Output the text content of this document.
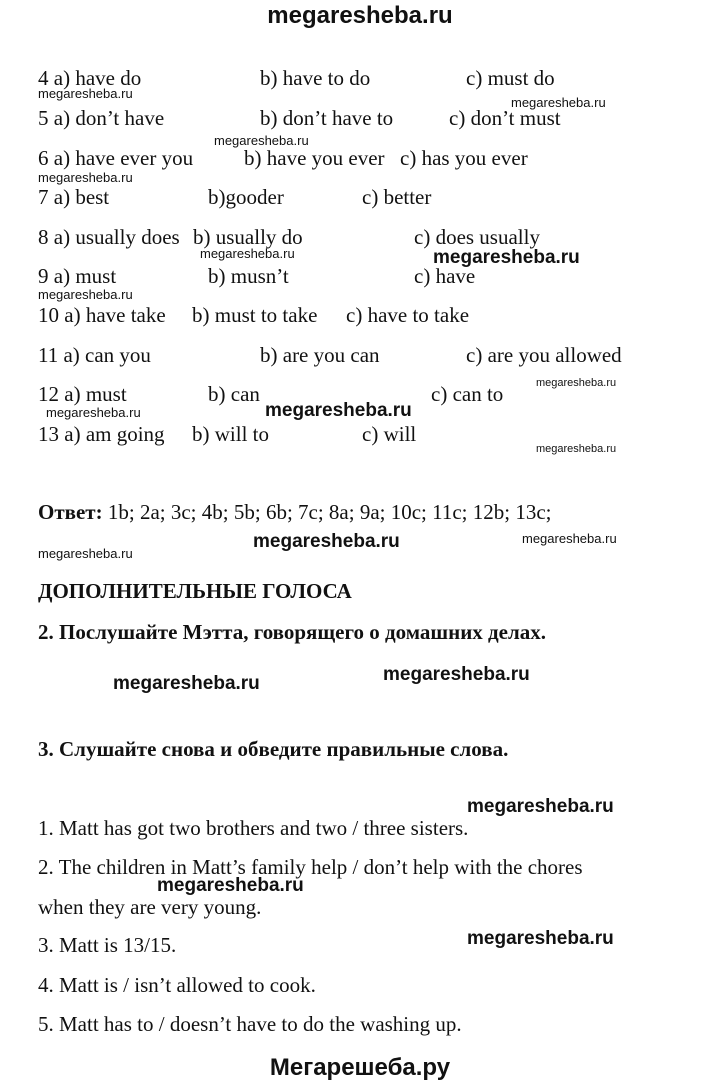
megaresheba.ru
4 a) have do	b) have to do	c) must do
5 a) don’t have	b) don’t have to	c) don’t must
6 a) have ever you b) have you ever c) has you ever
7 a) best	b)gooder	c) better
8 a) usually does b) usually do	c) does usually
9 a) must	b) musn’t	c) have
10 a) have take b) must to take c) have to take
11 a) can you	b) are you can	c) are you allowed
12 a) must	b) can	c) can to
13 a) am going b) will to	c) will
Ответ: 1b; 2a; 3c; 4b; 5b; 6b; 7c; 8a; 9a; 10c; 11c; 12b; 13c;
ДОПОЛНИТЕЛЬНЫЕ ГОЛОСА
2. Послушайте Мэтта, говорящего о домашних делах.
3. Слушайте снова и обведите правильные слова.
1. Matt has got two brothers and two / three sisters.
2. The children in Matt’s family help / don’t help with the chores
when they are very young.
3. Matt is 13/15.
4. Matt is / isn’t allowed to cook.
5. Matt has to / doesn’t have to do the washing up.
megaresheba.ru
megaresheba.ru
megaresheba.ru
megaresheba.ru
megaresheba.ru
megaresheba.ru
megaresheba.ru
megaresheba.ru
megaresheba.ru
megaresheba.ru
megaresheba.ru
megaresheba.ru
megaresheba.ru
megaresheba.ru
megaresheba.ru
megaresheba.ru
megaresheba.ru
megaresheba.ru
megaresheba.ru
Мегарешеба.ру
